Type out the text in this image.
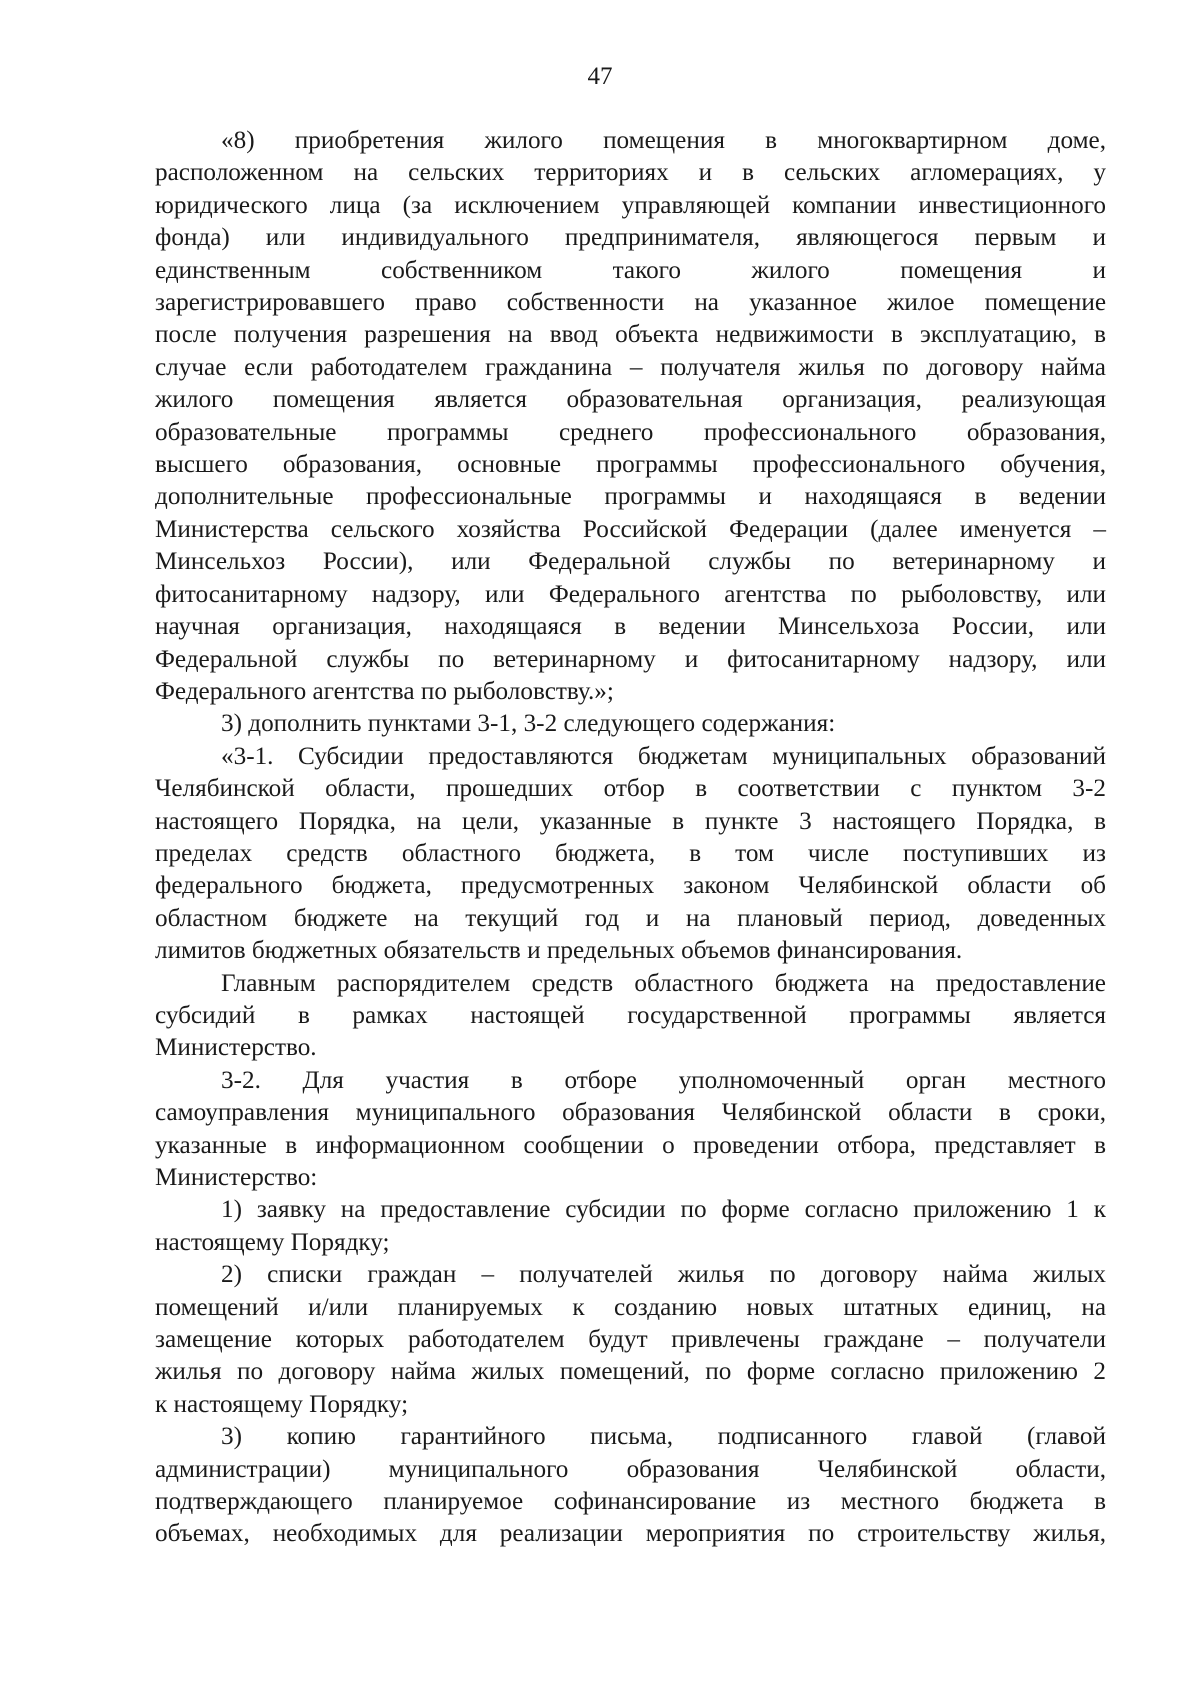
47
«8) приобретения жилого помещения в многоквартирном доме,
расположенном на сельских территориях и в сельских агломерациях, у
юридического лица (за исключением управляющей компании инвестиционного
фонда) или индивидуального предпринимателя, являющегося первым и
единственным собственником такого жилого помещения и
зарегистрировавшего право собственности на указанное жилое помещение
после получения разрешения на ввод объекта недвижимости в эксплуатацию, в
случае если работодателем гражданина – получателя жилья по договору найма
жилого помещения является образовательная организация, реализующая
образовательные программы среднего профессионального образования,
высшего образования, основные программы профессионального обучения,
дополнительные профессиональные программы и находящаяся в ведении
Министерства сельского хозяйства Российской Федерации (далее именуется –
Минсельхоз России), или Федеральной службы по ветеринарному и
фитосанитарному надзору, или Федерального агентства по рыболовству, или
научная организация, находящаяся в ведении Минсельхоза России, или
Федеральной службы по ветеринарному и фитосанитарному надзору, или
Федерального агентства по рыболовству.»;
3) дополнить пунктами 3-1, 3-2 следующего содержания:
«3-1. Субсидии предоставляются бюджетам муниципальных образований
Челябинской области, прошедших отбор в соответствии с пунктом 3-2
настоящего Порядка, на цели, указанные в пункте 3 настоящего Порядка, в
пределах средств областного бюджета, в том числе поступивших из
федерального бюджета, предусмотренных законом Челябинской области об
областном бюджете на текущий год и на плановый период, доведенных
лимитов бюджетных обязательств и предельных объемов финансирования.
Главным распорядителем средств областного бюджета на предоставление
субсидий в рамках настоящей государственной программы является
Министерство.
3-2. Для участия в отборе уполномоченный орган местного
самоуправления муниципального образования Челябинской области в сроки,
указанные в информационном сообщении о проведении отбора, представляет в
Министерство:
1) заявку на предоставление субсидии по форме согласно приложению 1 к
настоящему Порядку;
2) списки граждан – получателей жилья по договору найма жилых
помещений и/или планируемых к созданию новых штатных единиц, на
замещение которых работодателем будут привлечены граждане – получатели
жилья по договору найма жилых помещений, по форме согласно приложению 2
к настоящему Порядку;
3) копию гарантийного письма, подписанного главой (главой
администрации) муниципального образования Челябинской области,
подтверждающего планируемое софинансирование из местного бюджета в
объемах, необходимых для реализации мероприятия по строительству жилья,
